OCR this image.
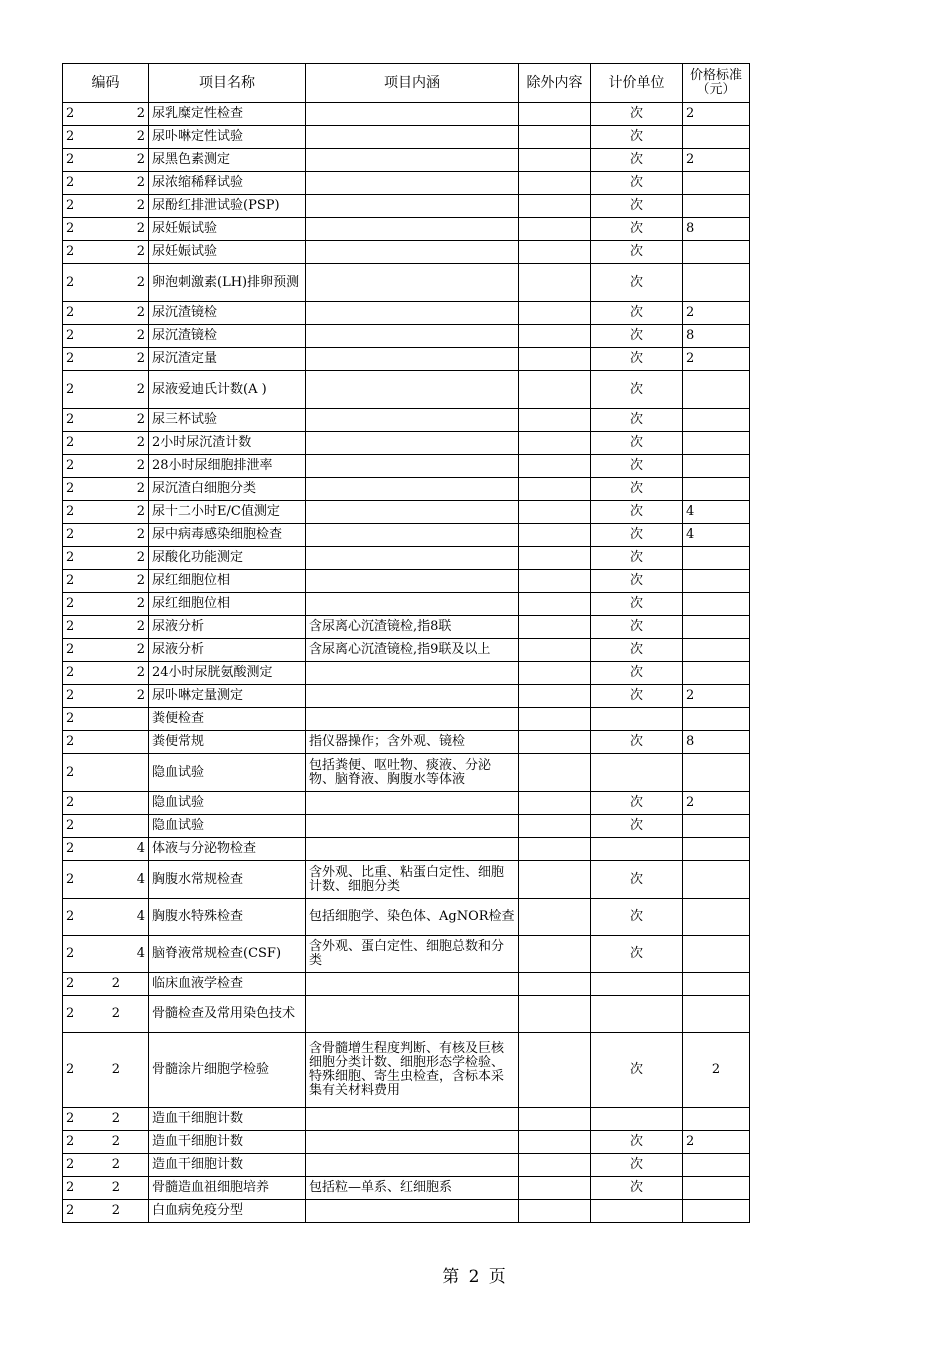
编码	项目名称	项目内涵	除外内容	计价单位	价格标准（元）

2 2	尿乳糜定性检查			次	2

2 2	尿卟啉定性试验			次	

2 2	尿黑色素测定			次	2

2 2	尿浓缩稀释试验			次	

2 2	尿酚红排泄试验(PSP)			次	

2 2	尿妊娠试验			次	8

2 2	尿妊娠试验			次	

2 2	卵泡刺激素(LH)排卵预测			次	

2 2	尿沉渣镜检			次	2

2 2	尿沉渣镜检			次	8

2 2	尿沉渣定量			次	2

2 2	尿液爱迪氏计数(A )			次	

2 2	尿三杯试验			次	

2 2	2小时尿沉渣计数			次	

2 2	28小时尿细胞排泄率			次	

2 2	尿沉渣白细胞分类			次	

2 2	尿十二小时E/C值测定			次	4

2 2	尿中病毒感染细胞检查			次	4

2 2	尿酸化功能测定			次	

2 2	尿红细胞位相			次	

2 2	尿红细胞位相			次	

2 2	尿液分析	含尿离心沉渣镜检,指8联		次	

2 2	尿液分析	含尿离心沉渣镜检,指9联及以上		次	

2 2	24小时尿胱氨酸测定			次	

2 2	尿卟啉定量测定			次	2

2	粪便检查				

2	粪便常规	指仪器操作；含外观、镜检		次	8

2	隐血试验	包括粪便、呕吐物、痰液、分泌物、脑脊液、胸腹水等体液			

2	隐血试验			次	2

2	隐血试验			次	

2 4	体液与分泌物检查				

2 4	胸腹水常规检查	含外观、比重、粘蛋白定性、细胞计数、细胞分类		次	

2 4	胸腹水特殊检查	包括细胞学、染色体、AgNOR检查		次	

2 4	脑脊液常规检查(CSF)	含外观、蛋白定性、细胞总数和分类		次	

2 2	临床血液学检查				

2 2	骨髓检查及常用染色技术				

2 2	骨髓涂片细胞学检验	含骨髓增生程度判断、有核及巨核细胞分类计数、细胞形态学检验、特殊细胞、寄生虫检查，含标本采集有关材料费用		次	2

2 2	造血干细胞计数				

2 2	造血干细胞计数			次	2

2 2	造血干细胞计数			次	

2 2	骨髓造血祖细胞培养	包括粒—单系、红细胞系		次	

2 2	白血病免疫分型				
第 2 页
